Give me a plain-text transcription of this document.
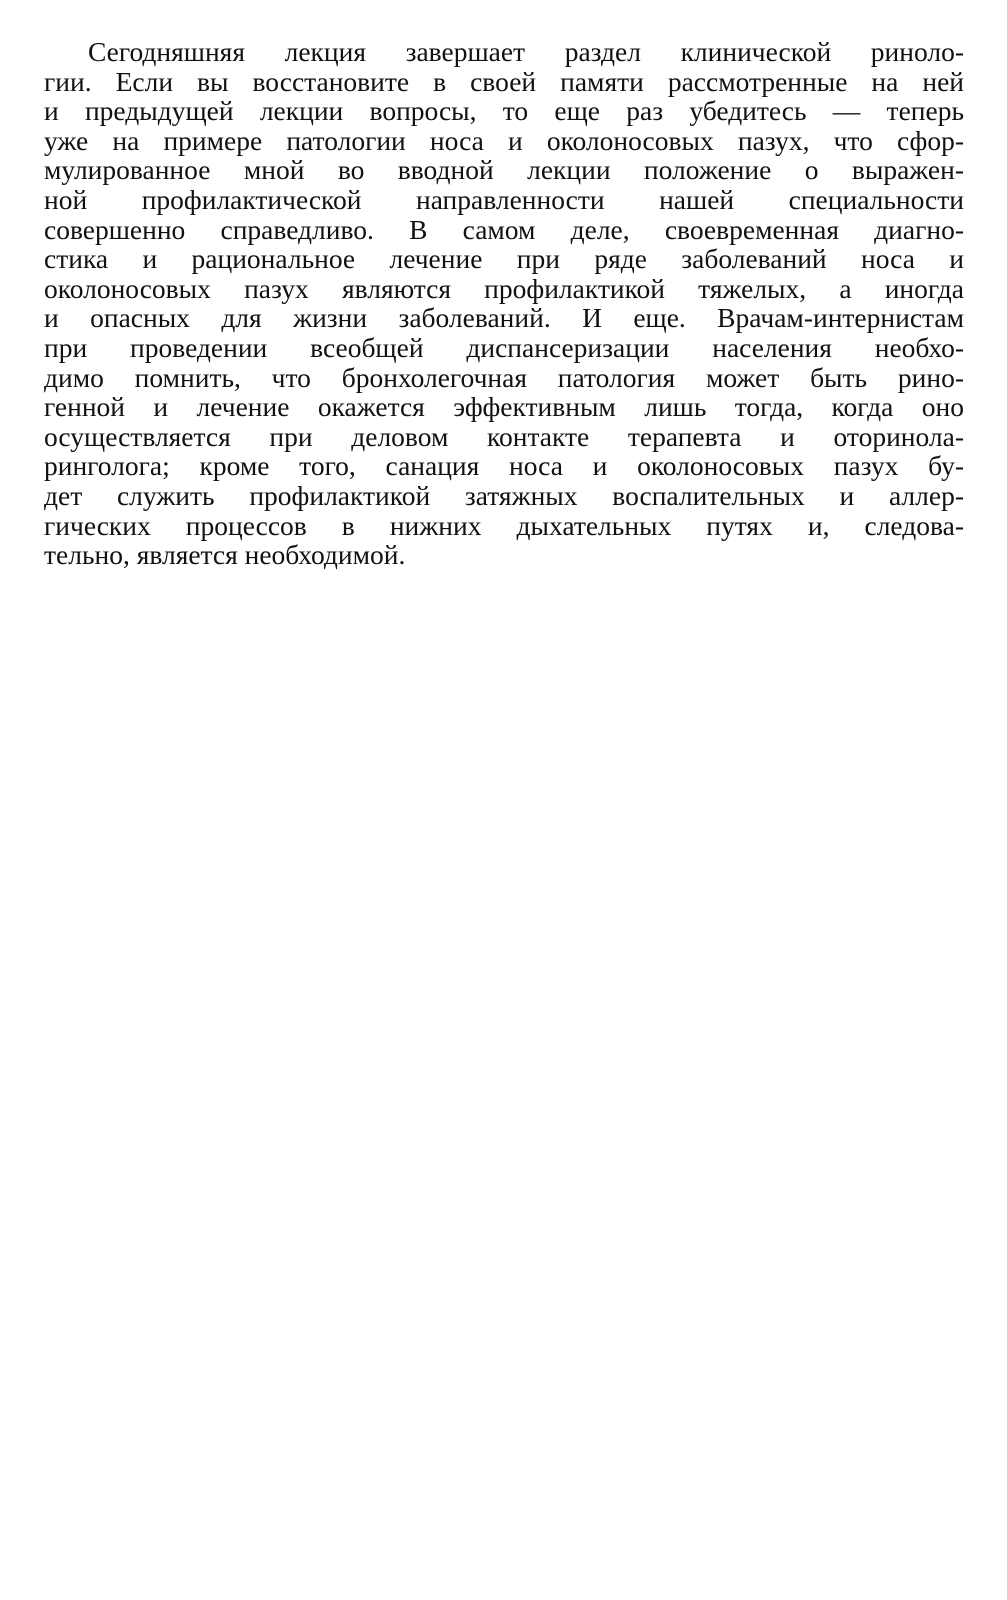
Сегодняшняя лекция завершает раздел клинической риноло-
гии. Если вы восстановите в своей памяти рассмотренные на ней
и предыдущей лекции вопросы, то еще раз убедитесь — теперь
уже на примере патологии носа и околоносовых пазух, что сфор-
мулированное мной во вводной лекции положение о выражен-
ной профилактической направленности нашей специальности
совершенно справедливо. В самом деле, своевременная диагно-
стика и рациональное лечение при ряде заболеваний носа и
околоносовых пазух являются профилактикой тяжелых, а иногда
и опасных для жизни заболеваний. И еще. Врачам-интернистам
при проведении всеобщей диспансеризации населения необхо-
димо помнить, что бронхолегочная патология может быть рино-
генной и лечение окажется эффективным лишь тогда, когда оно
осуществляется при деловом контакте терапевта и оторинола-
ринголога; кроме того, санация носа и околоносовых пазух бу-
дет служить профилактикой затяжных воспалительных и аллер-
гических процессов в нижних дыхательных путях и, следова-
тельно, является необходимой.
